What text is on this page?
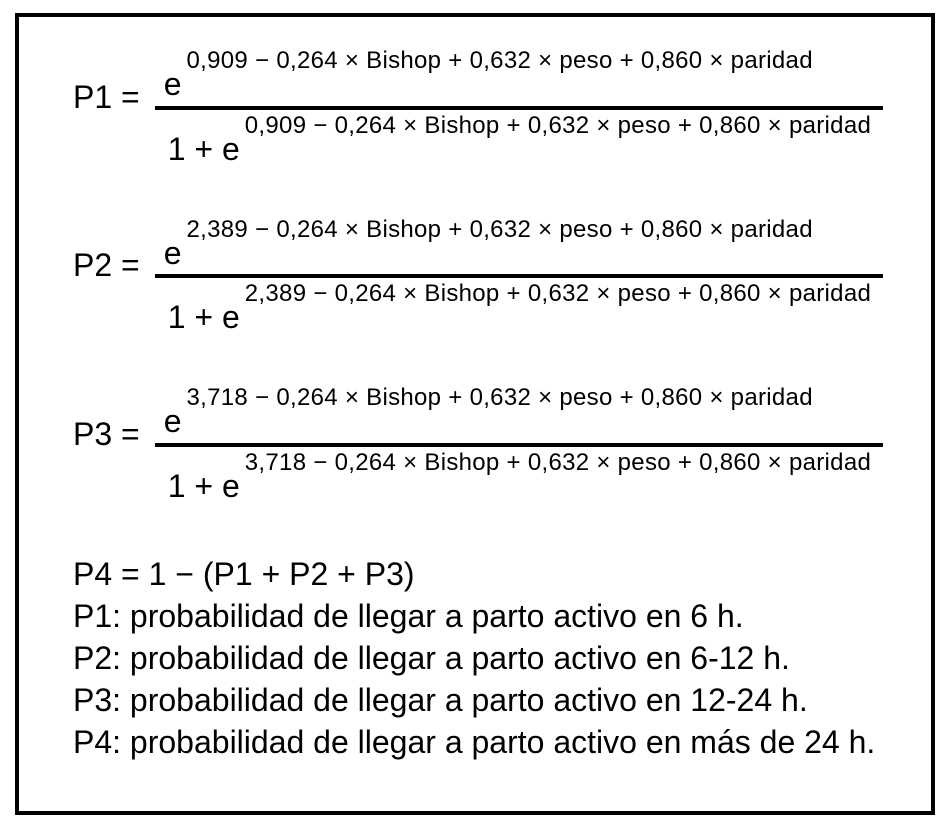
$P1 = \frac{e^{0,909 - 0,264 \times Bishop + 0,632 \times peso + 0,860 \times paridad}}{1 + e^{0,909 - 0,264 \times Bishop + 0,632 \times peso + 0,860 \times paridad}}$
$P2 = \frac{e^{2,389 - 0,264 \times Bishop + 0,632 \times peso + 0,860 \times paridad}}{1 + e^{2,389 - 0,264 \times Bishop + 0,632 \times peso + 0,860 \times paridad}}$
$P3 = \frac{e^{3,718 - 0,264 \times Bishop + 0,632 \times peso + 0,860 \times paridad}}{1 + e^{3,718 - 0,264 \times Bishop + 0,632 \times peso + 0,860 \times paridad}}$

P4 = 1 − (P1 + P2 + P3)

P1: probabilidad de llegar a parto activo en 6 h.

P2: probabilidad de llegar a parto activo en 6-12 h.

P3: probabilidad de llegar a parto activo en 12-24 h.

P4: probabilidad de llegar a parto activo en más de 24 h.
